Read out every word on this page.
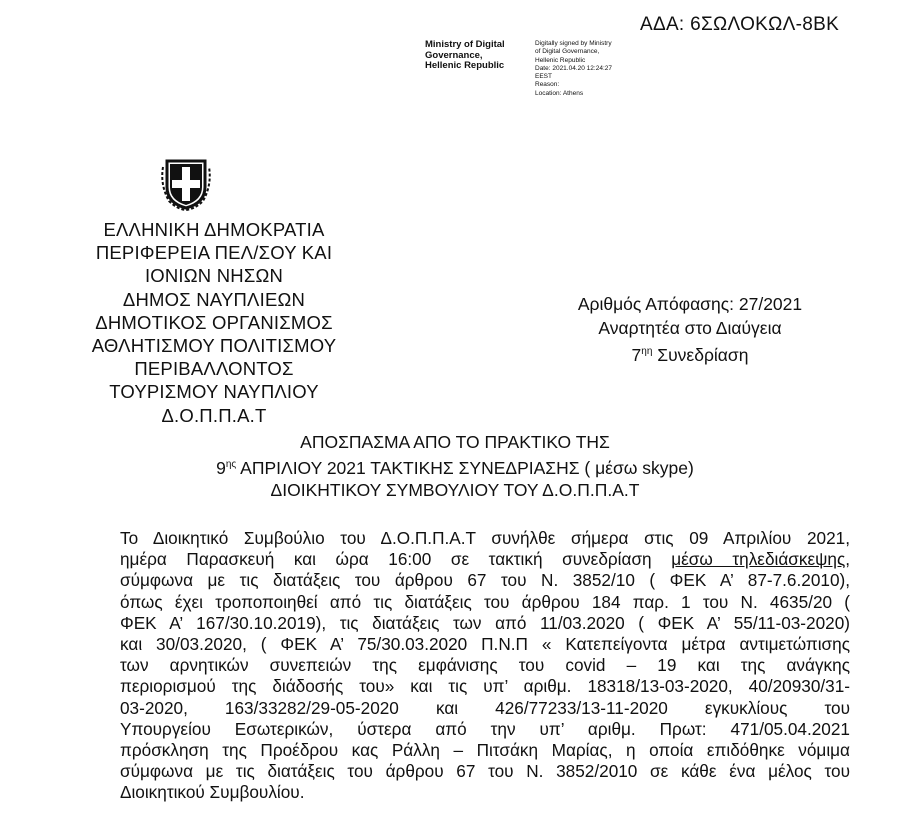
ΑΔΑ: 6ΣΩΛΟΚΩΛ-8ΒΚ
Ministry of Digital
Governance,
Hellenic Republic
Digitally signed by Ministry
of Digital Governance,
Hellenic Republic
Date: 2021.04.20 12:24:27
EEST
Reason:
Location: Athens
ΕΛΛΗΝΙΚΗ ΔΗΜΟΚΡΑΤΙΑ
ΠΕΡΙΦΕΡΕΙΑ ΠΕΛ/ΣΟΥ ΚΑΙ
ΙΟΝΙΩΝ ΝΗΣΩΝ
ΔΗΜΟΣ ΝΑΥΠΛΙΕΩΝ
ΔΗΜΟΤΙΚΟΣ ΟΡΓΑΝΙΣΜΟΣ
ΑΘΛΗΤΙΣΜΟΥ ΠΟΛΙΤΙΣΜΟΥ
ΠΕΡΙΒΑΛΛΟΝΤΟΣ
ΤΟΥΡΙΣΜΟΥ ΝΑΥΠΛΙΟΥ
Δ.Ο.Π.Π.Α.Τ
Αριθμός Απόφασης: 27/2021
Αναρτητέα στο Διαύγεια
$7^{\eta\eta}$ Συνεδρίαση
ΑΠΟΣΠΑΣΜΑ ΑΠΟ ΤΟ ΠΡΑΚΤΙΚΟ ΤΗΣ
$9^{\eta\varsigma}$ ΑΠΡΙΛΙΟΥ 2021 ΤΑΚΤΙΚΗΣ ΣΥΝΕΔΡΙΑΣΗΣ ( μέσω skype)
ΔΙΟΙΚΗΤΙΚΟΥ ΣΥΜΒΟΥΛΙΟΥ ΤΟΥ Δ.Ο.Π.Π.Α.Τ
Το Διοικητικό Συμβούλιο του Δ.Ο.Π.Π.Α.Τ συνήλθε σήμερα στις 09 Απριλίου 2021,
ημέρα Παρασκευή και ώρα 16:00 σε τακτική συνεδρίαση μέσω τηλεδιάσκεψης,
σύμφωνα με τις διατάξεις του άρθρου 67 του Ν. 3852/10 ( ΦΕΚ Α’ 87-7.6.2010),
όπως έχει τροποποιηθεί από τις διατάξεις του άρθρου 184 παρ. 1 του Ν. 4635/20 (
ΦΕΚ Α’ 167/30.10.2019), τις διατάξεις των από 11/03.2020 ( ΦΕΚ Α’ 55/11-03-2020)
και 30/03.2020, ( ΦΕΚ Α’ 75/30.03.2020 Π.Ν.Π « Κατεπείγοντα μέτρα αντιμετώπισης
των αρνητικών συνεπειών της εμφάνισης του covid – 19 και της ανάγκης
περιορισμού της διάδοσής του» και τις υπ’ αριθμ. 18318/13-03-2020, 40/20930/31-
03-2020, 163/33282/29-05-2020 και 426/77233/13-11-2020 εγκυκλίους του
Υπουργείου Εσωτερικών, ύστερα από την υπ’ αριθμ. Πρωτ: 471/05.04.2021
πρόσκληση της Προέδρου κας Ράλλη – Πιτσάκη Μαρίας, η οποία επιδόθηκε νόμιμα
σύμφωνα με τις διατάξεις του άρθρου 67 του Ν. 3852/2010 σε κάθε ένα μέλος του
Διοικητικού Συμβουλίου.
